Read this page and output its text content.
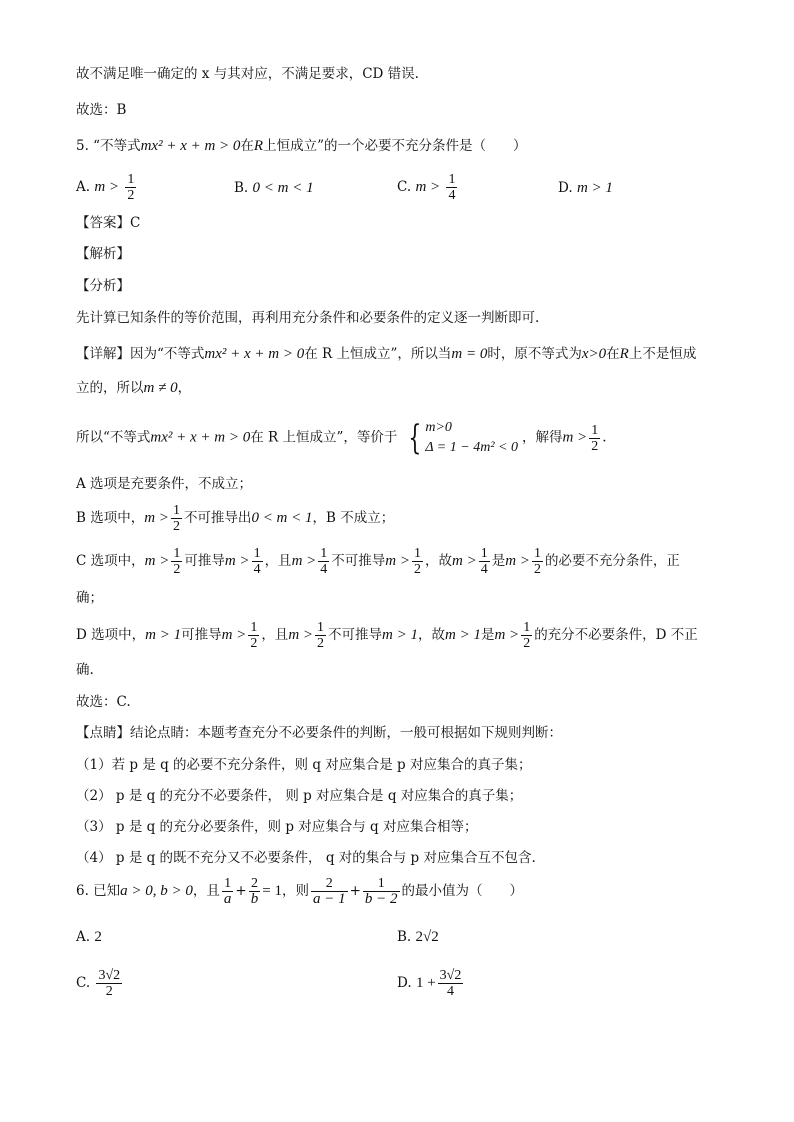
故不满足唯一确定的 x 与其对应，不满足要求，CD 错误.
故选：B
5. “不等式mx² + x + m > 0在R上恒成立”的一个必要不充分条件是（　　）
A. $m > \frac{1}{2}$	B. 0 < m < 1	C. $m > \frac{1}{4}$	D. m > 1
【答案】C
【解析】
【分析】
先计算已知条件的等价范围，再利用充分条件和必要条件的定义逐一判断即可.
【详解】因为“不等式mx² + x + m > 0在 R 上恒成立”，所以当m = 0时，原不等式为x>0在R上不是恒成
立的，所以m ≠ 0，
所以“不等式mx² + x + m > 0在 R 上恒成立”，等价于 { m>0
Δ = 1 − 4m² < 0
，解得$m > \frac{1}{2}$ .
A 选项是充要条件，不成立；
B 选项中，$m > \frac{1}{2}$ 不可推导出0 < m < 1，B 不成立；
C 选项中，$m > \frac{1}{2}$ 可推导$m > \frac{1}{4}$ ，且$m > \frac{1}{4}$ 不可推导$m > \frac{1}{2}$ ，故$m > \frac{1}{4}$ 是$m > \frac{1}{2}$ 的必要不充分条件，正
确；
D 选项中，m > 1可推导$m > \frac{1}{2}$ ，且$m > \frac{1}{2}$ 不可推导m > 1，故m > 1是$m > \frac{1}{2}$ 的充分不必要条件，D 不正
确.
故选：C.
【点睛】结论点睛：本题考查充分不必要条件的判断，一般可根据如下规则判断：
（1）若 p 是 q 的必要不充分条件，则 q 对应集合是 p 对应集合的真子集；
（2） p 是 q 的充分不必要条件， 则 p 对应集合是 q 对应集合的真子集；
（3） p 是 q 的充分必要条件，则 p 对应集合与 q 对应集合相等；
（4） p 是 q 的既不充分又不必要条件， q 对的集合与 p 对应集合互不包含.
6. 已知a > 0, b > 0，且 $\frac{1}{a} + \frac{2}{b} = 1$，则 $\frac{2}{a - 1} + \frac{1}{b - 2}$ 的最小值为（　　）
A. 2	B. 2√2
C. $\frac{3√2}{2}$	D. $1 + \frac{3√2}{4}$
